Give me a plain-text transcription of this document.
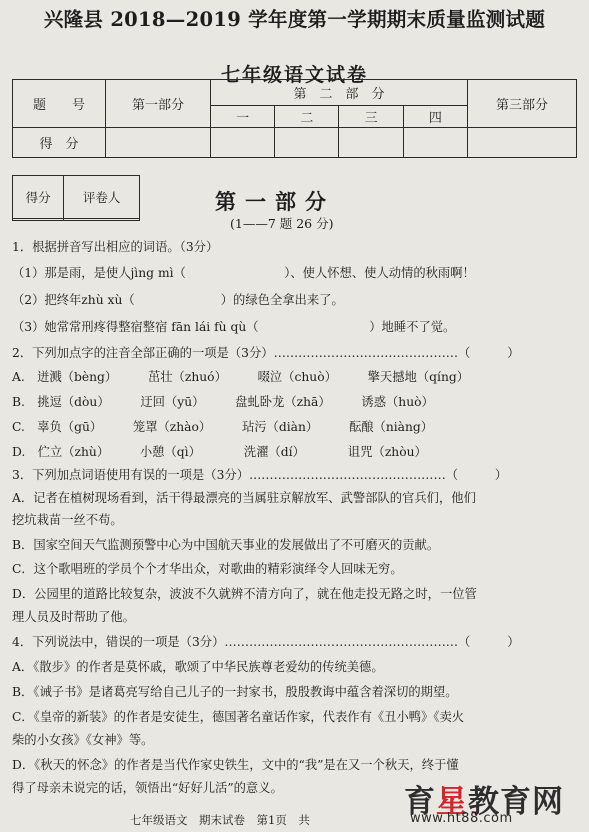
兴隆县 2018—2019 学年度第一学期期末质量监测试题
七年级语文试卷
题　　号	第一部分	第　二　部　分				第三部分
		一	二	三	四	
得　分						
得分	评卷人
		第一部分
(1——7 题 26 分)
1．根据拼音写出相应的词语。（3分）
（1）那是雨，是使人jìng mì（　　　　　　　　）、使人怀想、使人动情的秋雨啊！
（2）把终年zhù xù（　　　　　　　）的绿色全拿出来了。
（3）她常常刑疼得整宿整宿 fān lái fù qù（　　　　　　　　　）地睡不了觉。
2．下列加点字的注音全部正确的一项是（3分）………………………………………（　　　）
A.　迸溅（bèng）　　　茁壮（zhuó）　　　啜泣（chuò）　　　擎天撼地（qíng）
B.　挑逗（dòu）　　　迂回（yū）　　　盘虬卧龙（zhā）　　　诱惑（huò）
C.　辜负（gū）　　　笼罩（zhào）　　　玷污（diàn）　　　酝酿（niàng）
D.　伫立（zhù）　　　小憩（qì）　　　　洗濯（dí）　　　　诅咒（zhòu）
3．下列加点词语使用有误的一项是（3分）…………………………………………（　　　）
A．记者在植树现场看到，活干得最漂亮的当属驻京解放军、武警部队的官兵们，他们
挖坑栽苗一丝不苟。
B．国家空间天气监测预警中心为中国航天事业的发展做出了不可磨灭的贡献。
C．这个歌唱班的学员个个才华出众，对歌曲的精彩演绎令人回味无穷。
D．公园里的道路比较复杂，波波不久就辨不清方向了，就在他走投无路之时，一位管
理人员及时帮助了他。
4．下列说法中，错误的一项是（3分）…………………………………………………（　　　）
A．《散步》的作者是莫怀戚，歌颂了中华民族尊老爱幼的传统美德。
B．《诫子书》是诸葛亮写给自己儿子的一封家书，殷殷教诲中蕴含着深切的期望。
C．《皇帝的新装》的作者是安徒生，德国著名童话作家，代表作有《丑小鸭》《卖火
柴的小女孩》《女神》等。
D．《秋天的怀念》的作者是当代作家史铁生，文中的“我”是在又一个秋天，终于懂
得了母亲未说完的话，领悟出“好好儿活”的意义。
七年级语文　期末试卷　第1页　共	育星教育网
www.ht88.com
